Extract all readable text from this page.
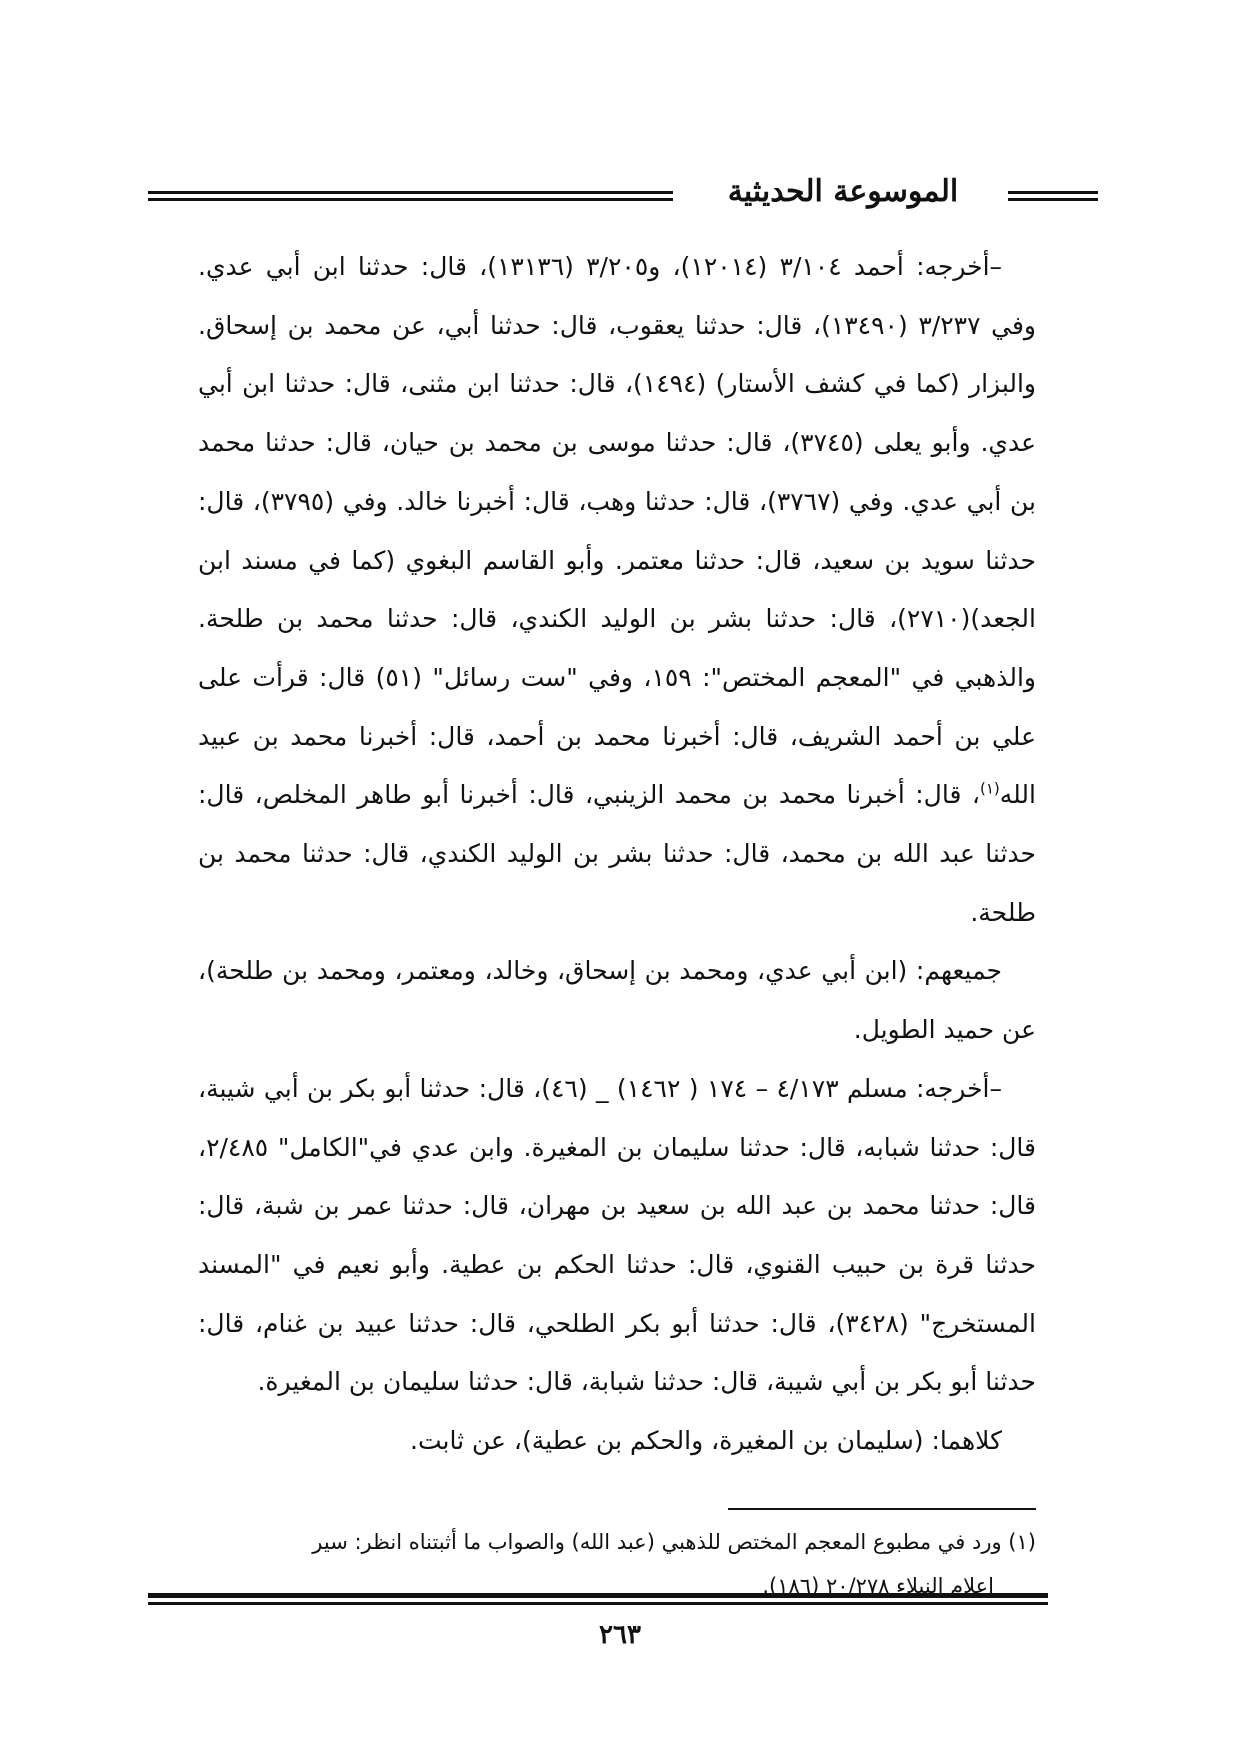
الموسوعة الحديثية

–أخرجه: أحمد ٣/١٠٤ (١٢٠١٤)، و٣/٢٠٥ (١٣١٣٦)، قال: حدثنا ابن أبي عدي. وفي ٣/٢٣٧ (١٣٤٩٠)، قال: حدثنا يعقوب، قال: حدثنا أبي، عن محمد بن إسحاق. والبزار (كما في كشف الأستار) (١٤٩٤)، قال: حدثنا ابن مثنى، قال: حدثنا ابن أبي عدي. وأبو يعلى (٣٧٤٥)، قال: حدثنا موسى بن محمد بن حيان، قال: حدثنا محمد بن أبي عدي. وفي (٣٧٦٧)، قال: حدثنا وهب، قال: أخبرنا خالد. وفي (٣٧٩٥)، قال: حدثنا سويد بن سعيد، قال: حدثنا معتمر. وأبو القاسم البغوي (كما في مسند ابن الجعد)(٢٧١٠)، قال: حدثنا بشر بن الوليد الكندي، قال: حدثنا محمد بن طلحة. والذهبي في "المعجم المختص": ١٥٩، وفي "ست رسائل" (٥١) قال: قرأت على علي بن أحمد الشريف، قال: أخبرنا محمد بن أحمد، قال: أخبرنا محمد بن عبيد الله$^{(١)}$، قال: أخبرنا محمد بن محمد الزينبي، قال: أخبرنا أبو طاهر المخلص، قال: حدثنا عبد الله بن محمد، قال: حدثنا بشر بن الوليد الكندي، قال: حدثنا محمد بن طلحة.

جميعهم: (ابن أبي عدي، ومحمد بن إسحاق، وخالد، ومعتمر، ومحمد بن طلحة)، عن حميد الطويل.

–أخرجه: مسلم ٤/١٧٣ – ١٧٤ ( ١٤٦٢) _ (٤٦)، قال: حدثنا أبو بكر بن أبي شيبة، قال: حدثنا شبابه، قال: حدثنا سليمان بن المغيرة. وابن عدي في"الكامل" ٢/٤٨٥، قال: حدثنا محمد بن عبد الله بن سعيد بن مهران، قال: حدثنا عمر بن شبة، قال: حدثنا قرة بن حبيب القنوي، قال: حدثنا الحكم بن عطية. وأبو نعيم في "المسند المستخرج" (٣٤٢٨)، قال: حدثنا أبو بكر الطلحي، قال: حدثنا عبيد بن غنام، قال: حدثنا أبو بكر بن أبي شيبة، قال: حدثنا شبابة، قال: حدثنا سليمان بن المغيرة.

كلاهما: (سليمان بن المغيرة، والحكم بن عطية)، عن ثابت.

(١) ورد في مطبوع المعجم المختص للذهبي (عبد الله) والصواب ما أثبتناه انظر: سير

إعلام النبلاء ٢٠/٢٧٨ (١٨٦).

٢٦٣
